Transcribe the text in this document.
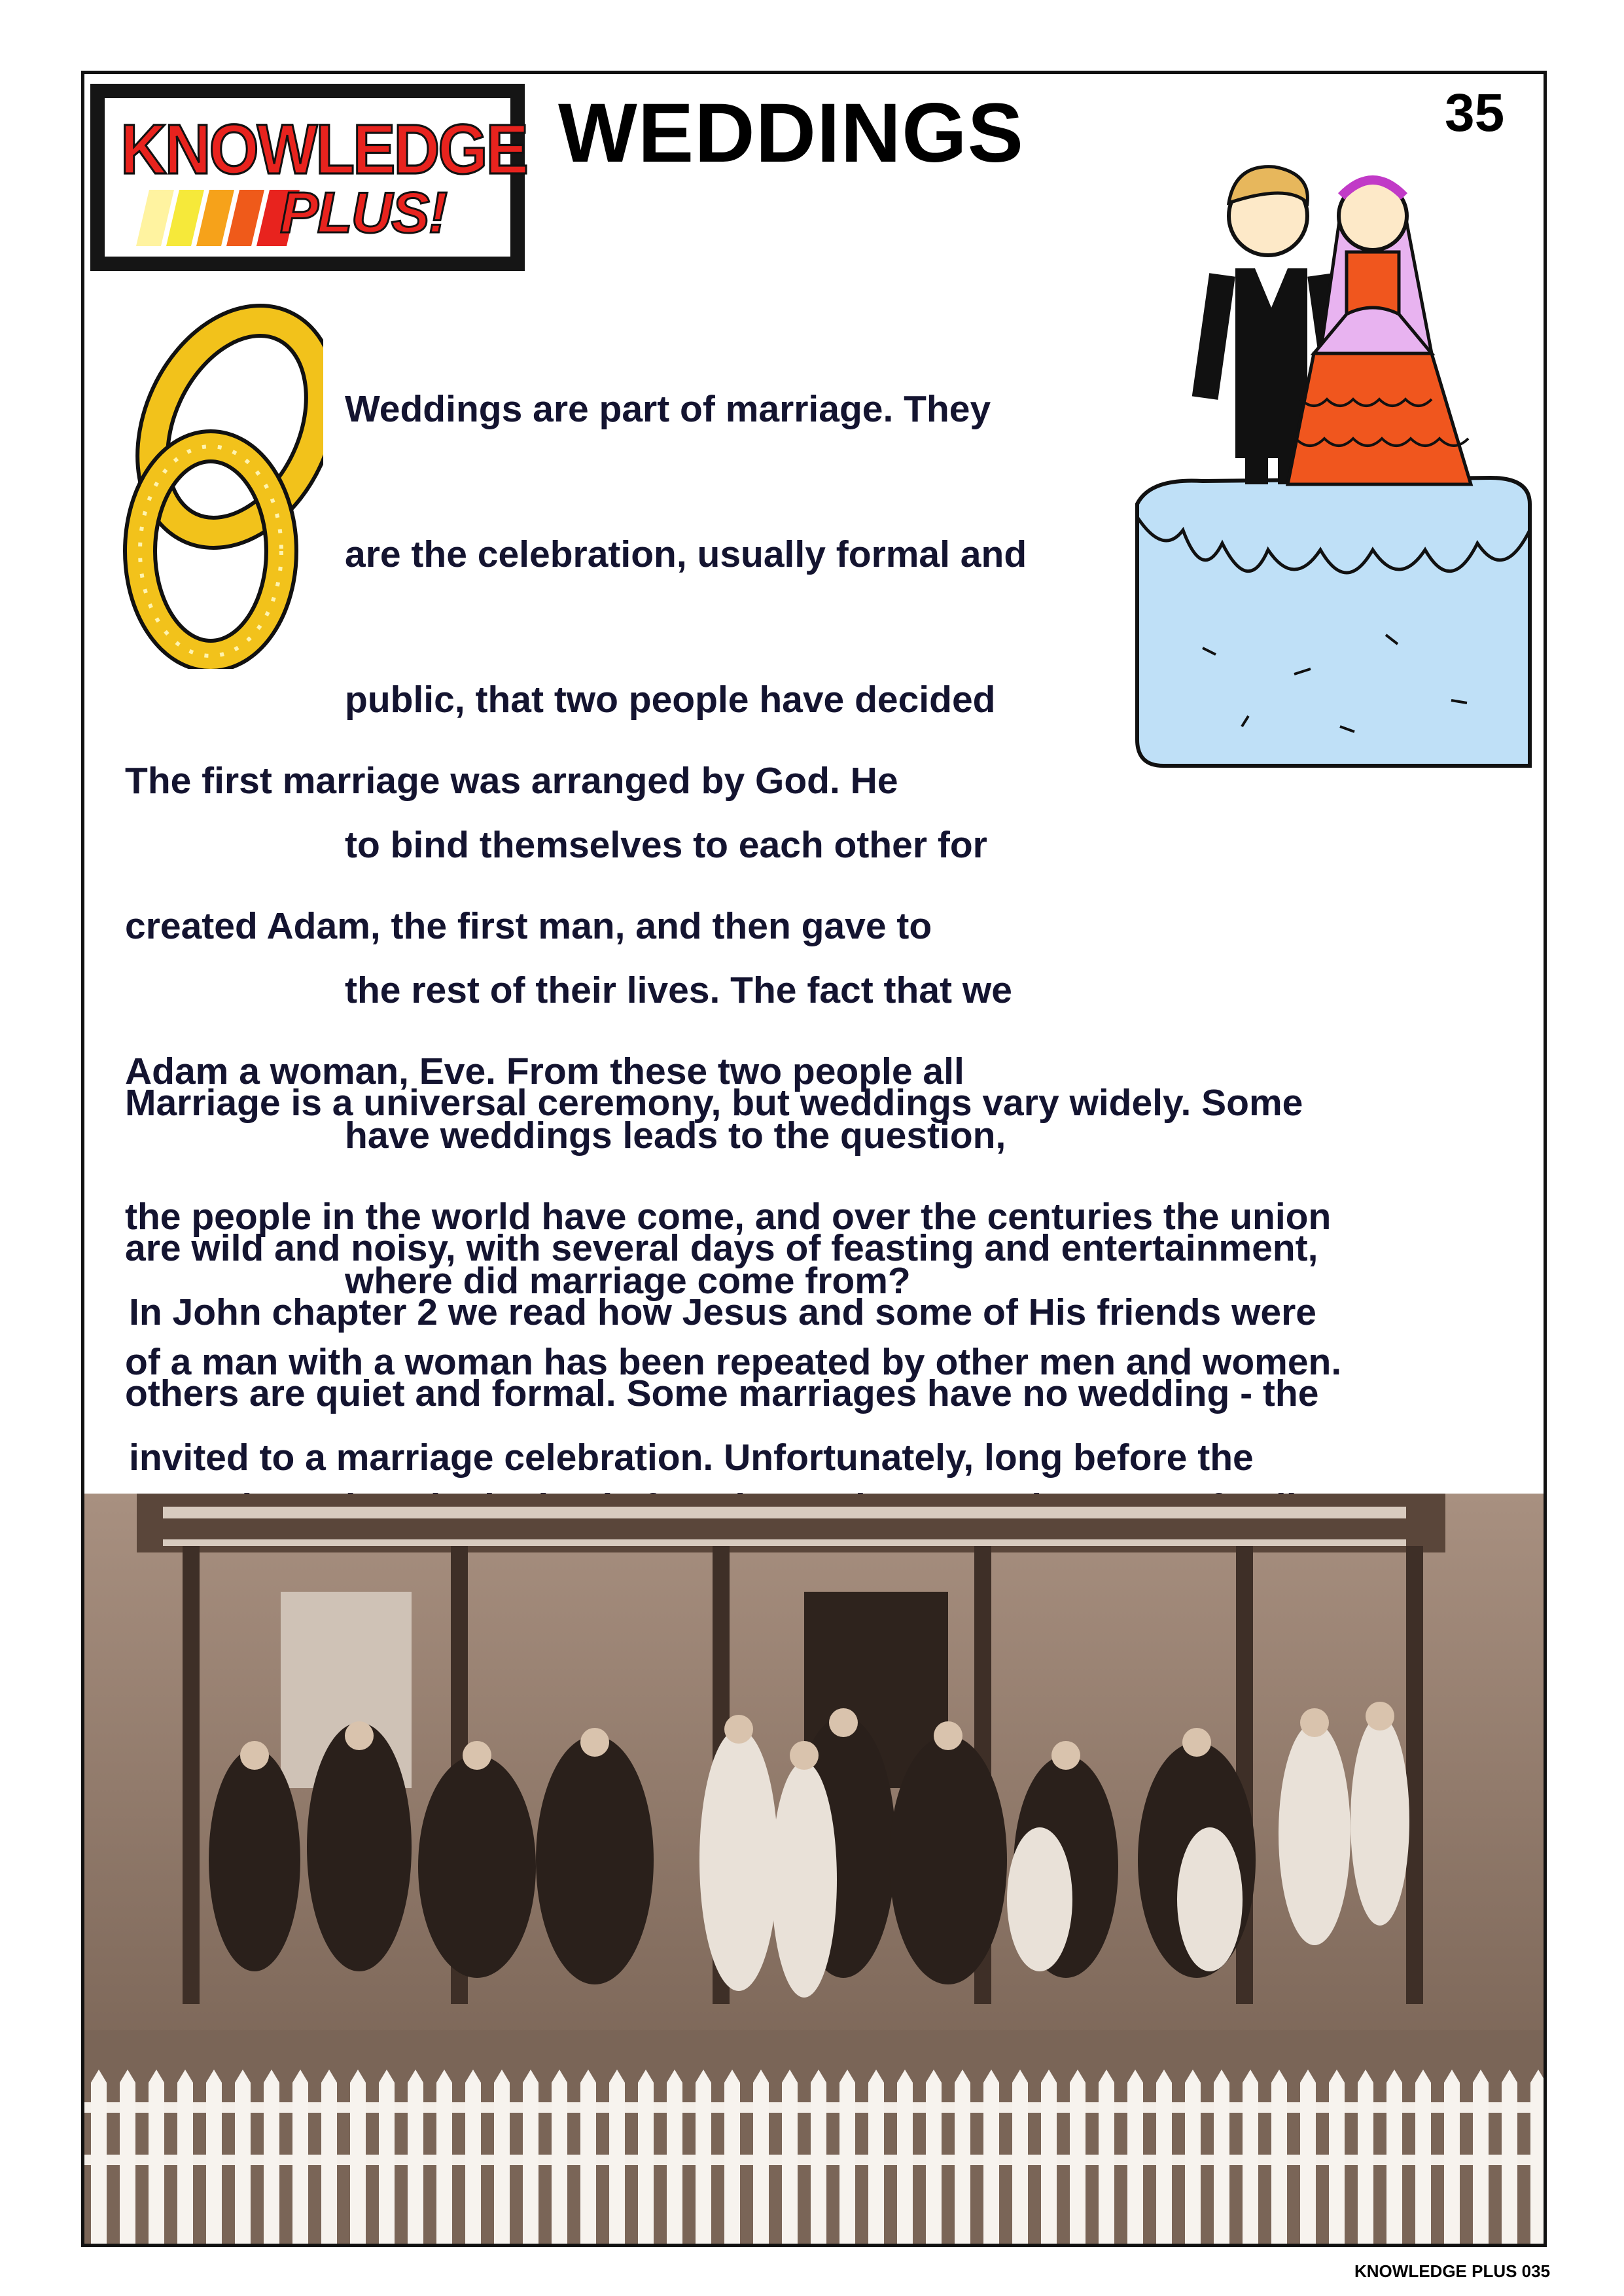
KNOWLEDGE
PLUS!
WEDDINGS	35

Weddings are part of marriage. They

are the celebration, usually formal and

public, that two people have decided

to bind themselves to each other for

the rest of their lives. The fact that we

have weddings leads to the question,

where did marriage come from?

The first marriage was arranged by God. He

created Adam, the first man, and then gave to

Adam a woman, Eve. From these two people all

the people in the world have come, and over the centuries the union

of a man with a woman has been repeated by other men and women.

Marriage is a universal ceremony, but weddings vary widely. Some

are wild and noisy, with several days of feasting and entertainment,

others are quiet and formal. Some marriages have no wedding - the

In John chapter 2 we read how Jesus and some of His friends were

invited to a marriage celebration. Unfortunately, long before the

KNOWLEDGE PLUS 035
